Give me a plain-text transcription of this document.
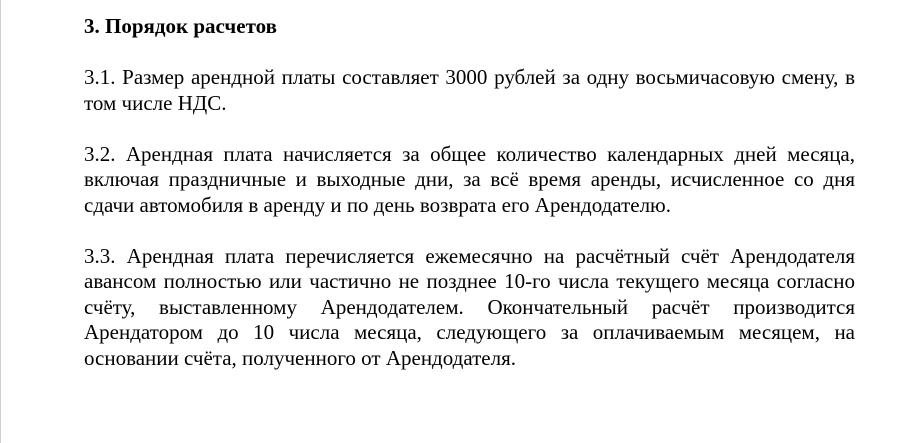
3. Порядок расчетов

3.1. Размер арендной платы составляет 3000 рублей за одну восьмичасовую смену, в том числе НДС.

3.2. Арендная плата начисляется за общее количество календарных дней месяца, включая праздничные и выходные дни, за всё время аренды, исчисленное со дня сдачи автомобиля в аренду и по день возврата его Арендодателю.

3.3. Арендная плата перечисляется ежемесячно на расчётный счёт Арендодателя авансом полностью или частично не позднее 10-го числа текущего месяца согласно счёту, выставленному Арендодателем. Окончательный расчёт производится Арендатором до 10 числа месяца, следующего за оплачиваемым месяцем, на основании счёта, полученного от Арендодателя.
